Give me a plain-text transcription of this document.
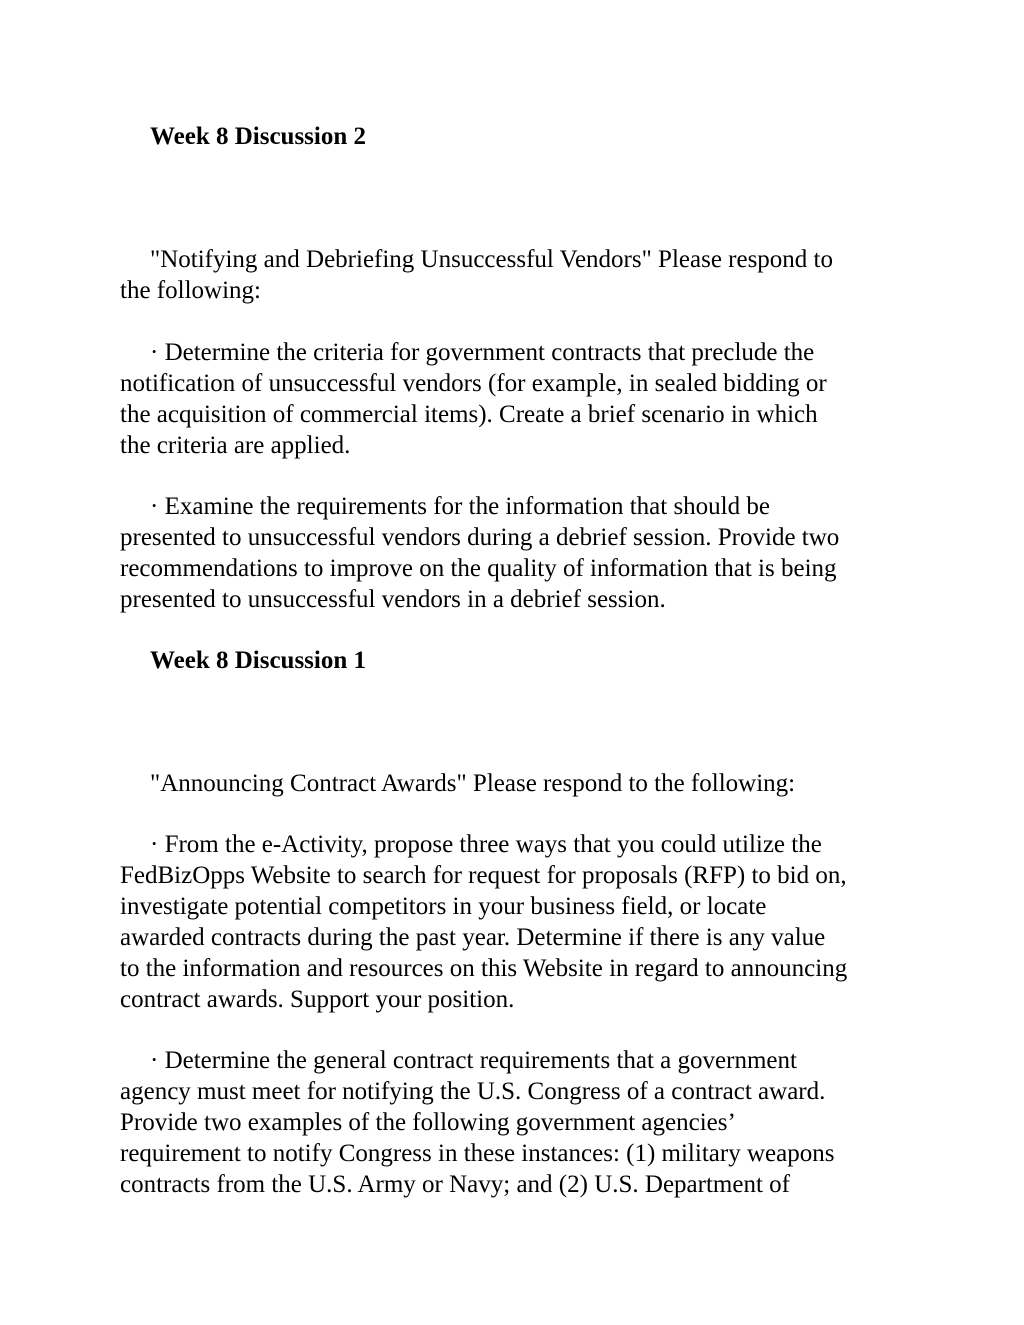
Week 8 Discussion 2
"Notifying and Debriefing Unsuccessful Vendors" Please respond to
the following:
· Determine the criteria for government contracts that preclude the
notification of unsuccessful vendors (for example, in sealed bidding or
the acquisition of commercial items). Create a brief scenario in which
the criteria are applied.
· Examine the requirements for the information that should be
presented to unsuccessful vendors during a debrief session. Provide two
recommendations to improve on the quality of information that is being
presented to unsuccessful vendors in a debrief session.
Week 8 Discussion 1
"Announcing Contract Awards" Please respond to the following:
· From the e-Activity, propose three ways that you could utilize the
FedBizOpps Website to search for request for proposals (RFP) to bid on,
investigate potential competitors in your business field, or locate
awarded contracts during the past year. Determine if there is any value
to the information and resources on this Website in regard to announcing
contract awards. Support your position.
· Determine the general contract requirements that a government
agency must meet for notifying the U.S. Congress of a contract award.
Provide two examples of the following government agencies’
requirement to notify Congress in these instances: (1) military weapons
contracts from the U.S. Army or Navy; and (2) U.S. Department of
